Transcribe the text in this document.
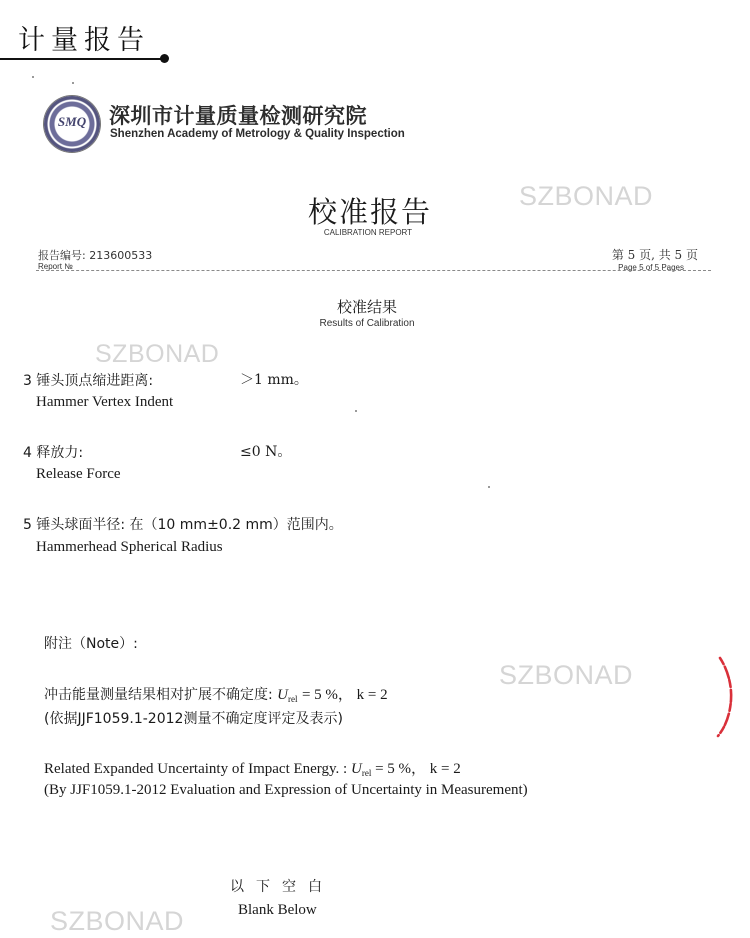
计量报告
SMQ	深圳市计量质量检测研究院
Shenzhen Academy of Metrology & Quality Inspection
SZBONAD
SZBONAD
SZBONAD
SZBONAD
校准报告
CALIBRATION REPORT
报告编号: 213600533
Report №
第 5 页, 共 5 页
Page 5 of 5 Pages
校准结果
Results of Calibration
3 锤头顶点缩进距离:	＞1 mm。
Hammer Vertex Indent
4 释放力:	≤0 N。
Release Force
5 锤头球面半径: 在（10 mm±0.2 mm）范围内。
Hammerhead Spherical Radius
附注（Note）:
冲击能量测量结果相对扩展不确定度: $U_{rel} = 5$ %， k = 2
(依据JJF1059.1-2012测量不确定度评定及表示)
Related Expanded Uncertainty of Impact Energy. : $U_{rel} = 5$ %， k = 2
(By JJF1059.1-2012 Evaluation and Expression of Uncertainty in Measurement)
以下空白
Blank Below
